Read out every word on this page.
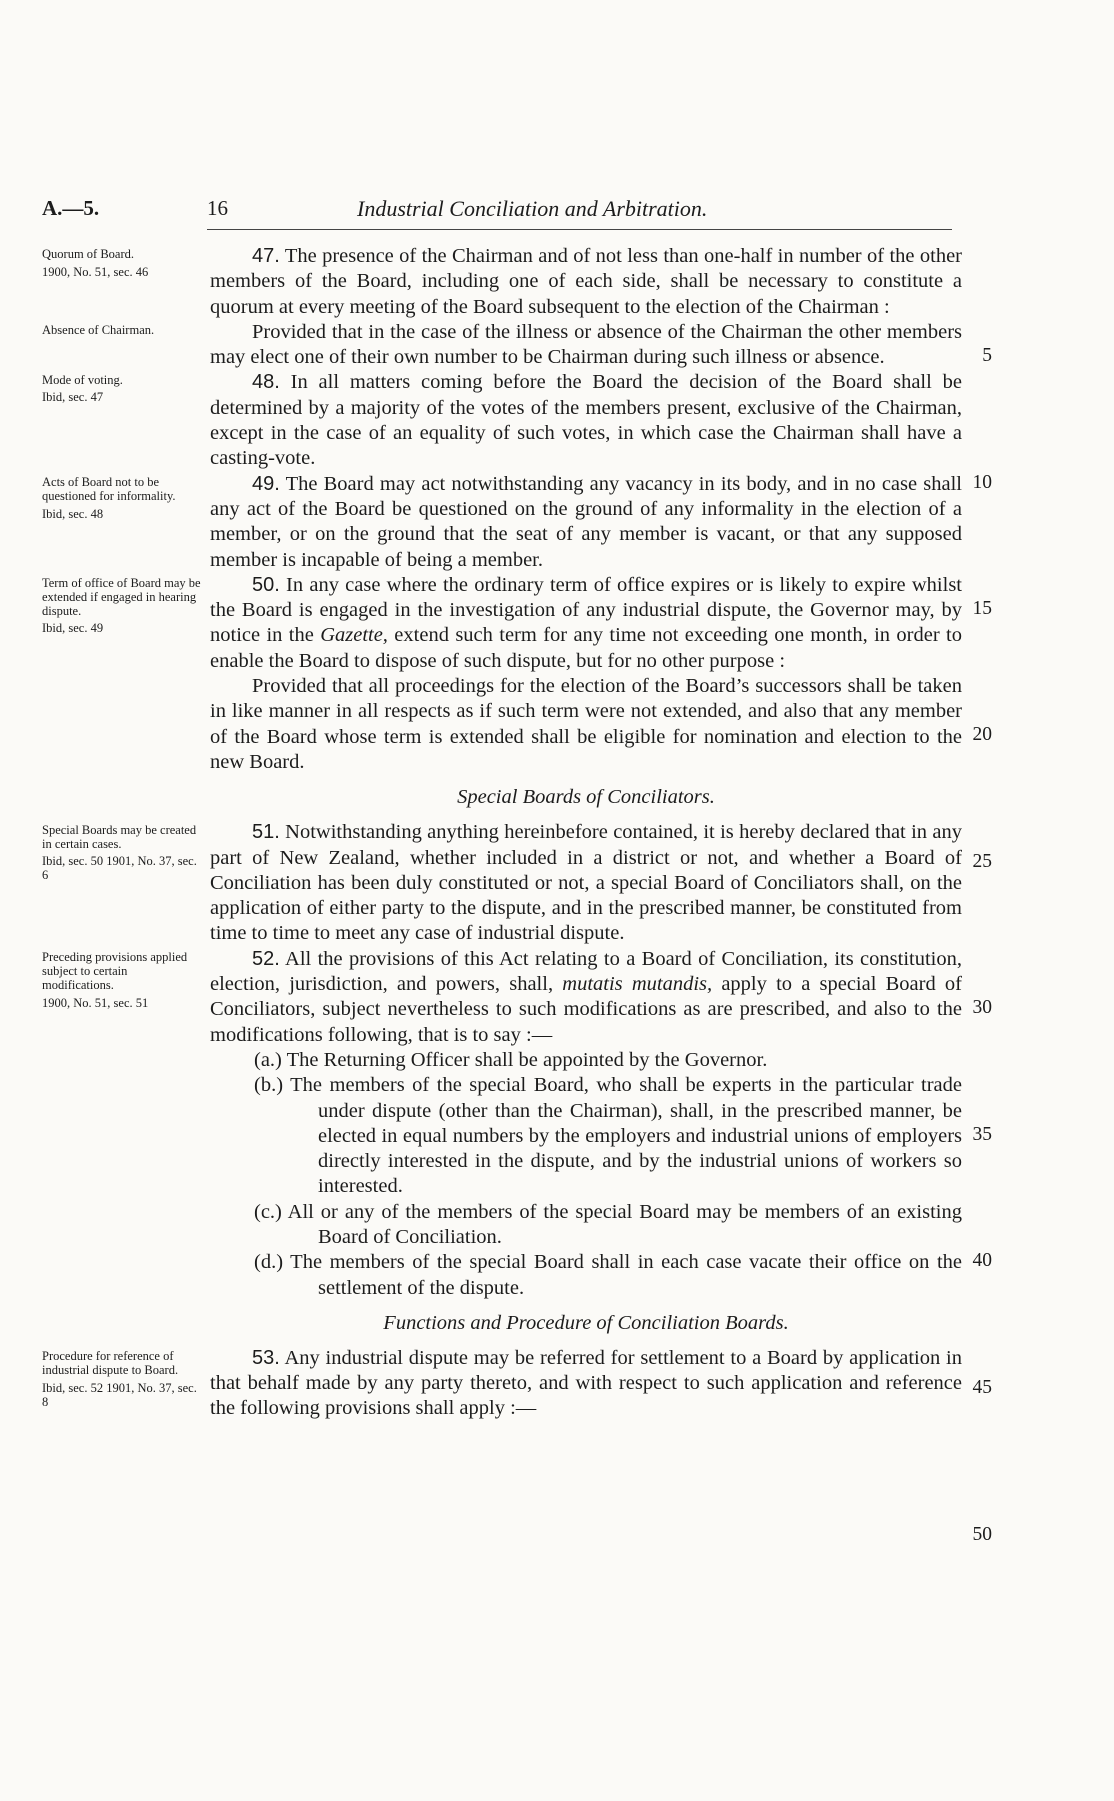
A.—5.	16	Industrial Conciliation and Arbitration.
Quorum of Board.
1900, No. 51, sec. 46

47. The presence of the Chairman and of not less than one-half in number of the other members of the Board, including one of each side, shall be necessary to constitute a quorum at every meeting of the Board subsequent to the election of the Chairman :

Absence of Chairman.	Provided that in the case of the illness or absence of the Chairman the other members may elect one of their own number to be Chairman during such illness or absence.

Mode of voting.
Ibid, sec. 47

48. In all matters coming before the Board the decision of the Board shall be determined by a majority of the votes of the members present, exclusive of the Chairman, except in the case of an equality of such votes, in which case the Chairman shall have a casting-vote.

Acts of Board not to be questioned for informality.
Ibid, sec. 48

49. The Board may act notwithstanding any vacancy in its body, and in no case shall any act of the Board be questioned on the ground of any informality in the election of a member, or on the ground that the seat of any member is vacant, or that any supposed member is incapable of being a member.

Term of office of Board may be extended if engaged in hearing dispute.
Ibid, sec. 49

50. In any case where the ordinary term of office expires or is likely to expire whilst the Board is engaged in the investigation of any industrial dispute, the Governor may, by notice in the Gazette, extend such term for any time not exceeding one month, in order to enable the Board to dispose of such dispute, but for no other purpose :

Provided that all proceedings for the election of the Board’s successors shall be taken in like manner in all respects as if such term were not extended, and also that any member of the Board whose term is extended shall be eligible for nomination and election to the new Board.

Special Boards of Conciliators.
Special Boards may be created in certain cases.
Ibid, sec. 50 1901, No. 37, sec. 6

51. Notwithstanding anything hereinbefore contained, it is hereby declared that in any part of New Zealand, whether included in a district or not, and whether a Board of Conciliation has been duly constituted or not, a special Board of Conciliators shall, on the application of either party to the dispute, and in the prescribed manner, be constituted from time to time to meet any case of industrial dispute.

Preceding provisions applied subject to certain modifications.
1900, No. 51, sec. 51

52. All the provisions of this Act relating to a Board of Conciliation, its constitution, election, jurisdiction, and powers, shall, mutatis mutandis, apply to a special Board of Conciliators, subject nevertheless to such modifications as are prescribed, and also to the modifications following, that is to say :—

(a.) The Returning Officer shall be appointed by the Governor.

(b.) The members of the special Board, who shall be experts in the particular trade under dispute (other than the Chairman), shall, in the prescribed manner, be elected in equal numbers by the employers and industrial unions of employers directly interested in the dispute, and by the industrial unions of workers so interested.

(c.) All or any of the members of the special Board may be members of an existing Board of Conciliation.

(d.) The members of the special Board shall in each case vacate their office on the settlement of the dispute.

Functions and Procedure of Conciliation Boards.
Procedure for reference of industrial dispute to Board.
Ibid, sec. 52 1901, No. 37, sec. 8

53. Any industrial dispute may be referred for settlement to a Board by application in that behalf made by any party thereto, and with respect to such application and reference the following provisions shall apply :—

5
10
15
20
25
30
35
40
45
50
